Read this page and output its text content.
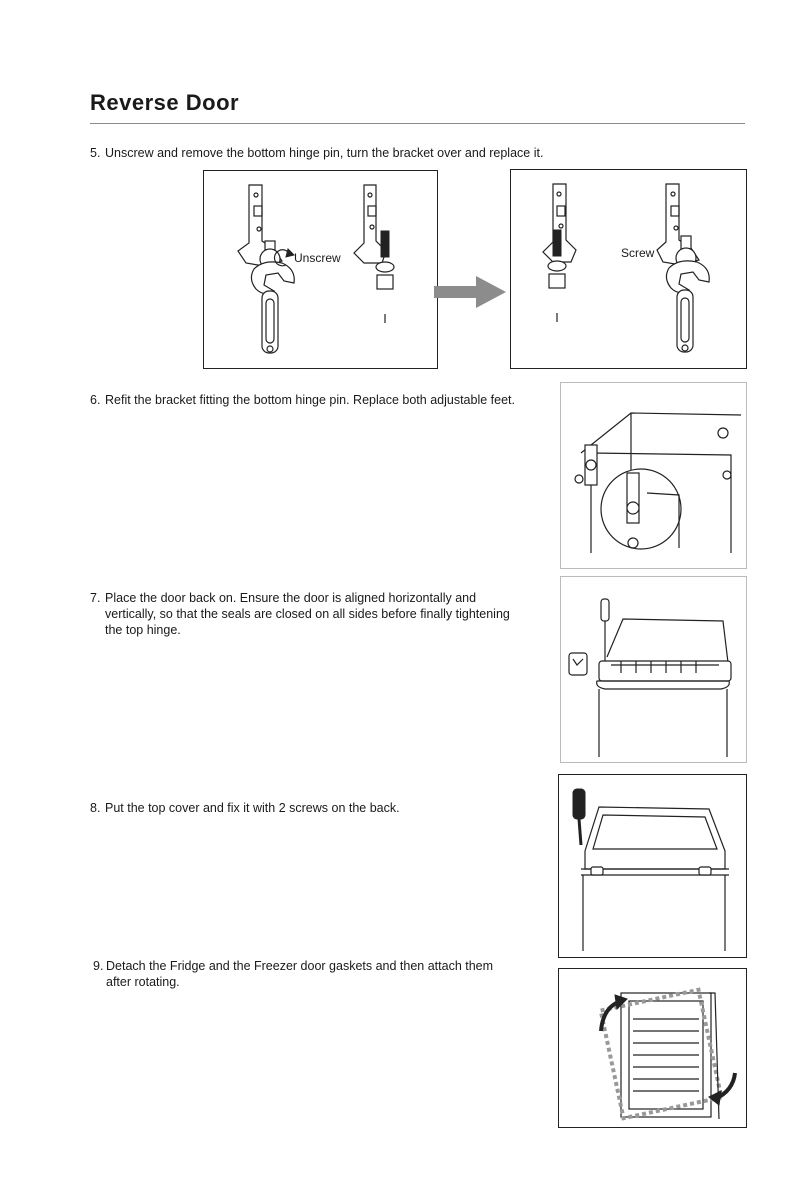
Reverse Door

5. Unscrew and remove the bottom hinge pin, turn the bracket over and replace it.

Unscrew	Screw

6. Refit the bracket fitting the bottom hinge pin. Replace both adjustable feet.

7. Place the door back on. Ensure the door is aligned horizontally and vertically, so that the seals are closed on all sides before finally tightening the top hinge.

8. Put the top cover and fix it with 2 screws on the back.

9. Detach the Fridge and the Freezer door gaskets and then attach them after rotating.
